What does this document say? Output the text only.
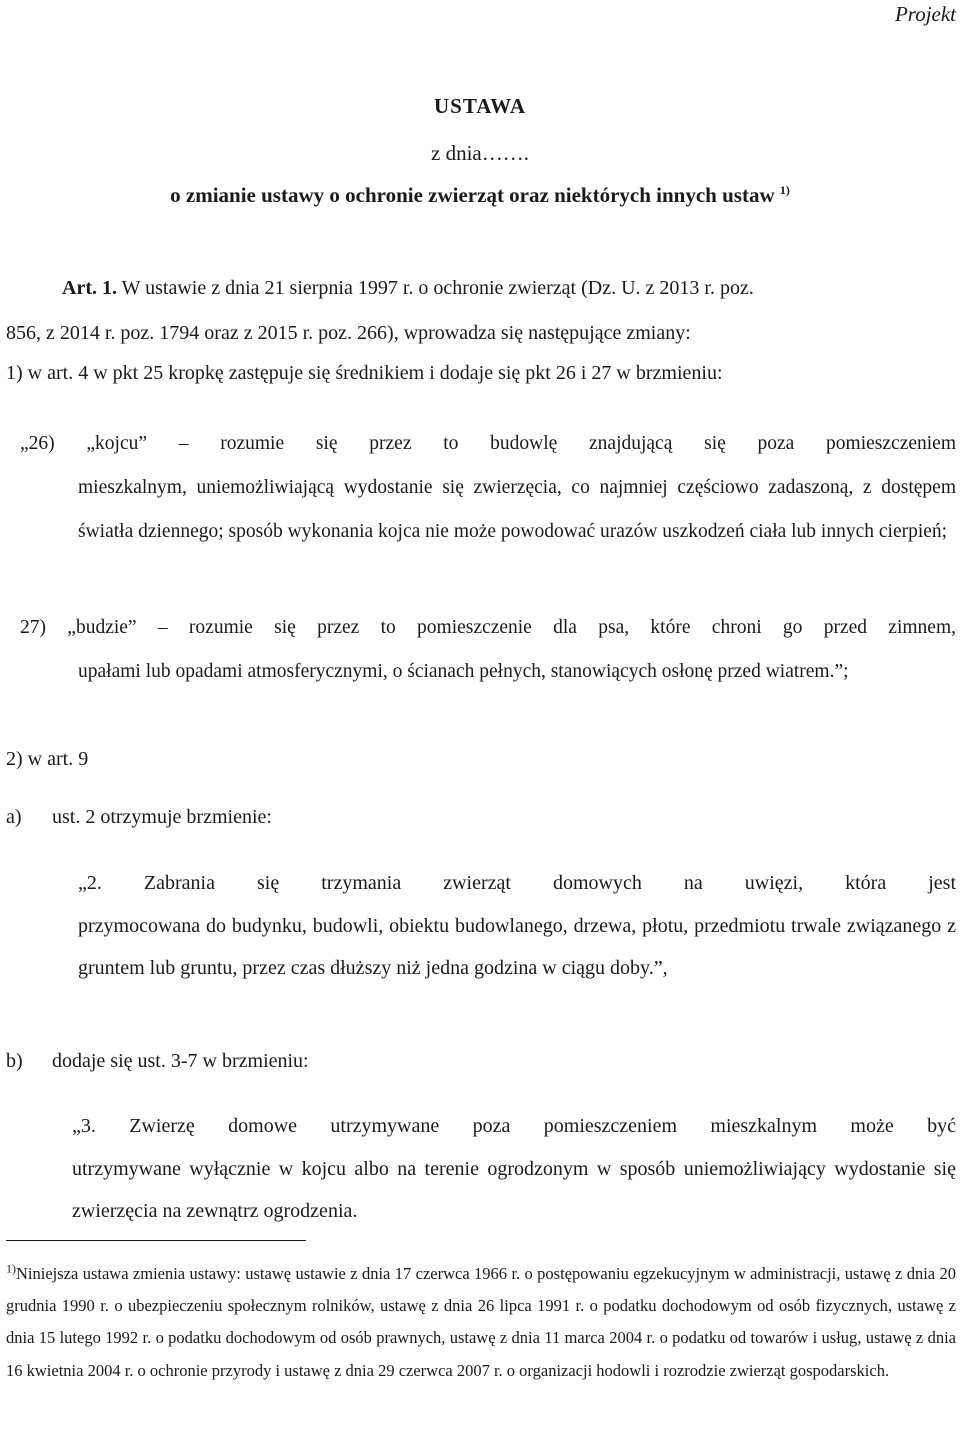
Projekt
USTAWA
z dnia…….
o zmianie ustawy o ochronie zwierząt oraz niektórych innych ustaw $^{1)}$

Art. 1. W ustawie z dnia 21 sierpnia 1997 r. o ochronie zwierząt (Dz. U. z 2013 r. poz.

856, z 2014 r. poz. 1794 oraz z 2015 r. poz. 266), wprowadza się następujące zmiany:

1) w art. 4 w pkt 25 kropkę zastępuje się średnikiem i dodaje się pkt 26 i 27 w brzmieniu:

„26) „kojcu” – rozumie się przez to budowlę znajdującą się poza pomieszczeniem

mieszkalnym, uniemożliwiającą wydostanie się zwierzęcia, co najmniej częściowo zadaszoną, z dostępem światła dziennego; sposób wykonania kojca nie może powodować urazów uszkodzeń ciała lub innych cierpień;

27) „budzie” – rozumie się przez to pomieszczenie dla psa, które chroni go przed zimnem,

upałami lub opadami atmosferycznymi, o ścianach pełnych, stanowiących osłonę przed wiatrem.”;

2) w art. 9

a) ust. 2 otrzymuje brzmienie:

„2. Zabrania się trzymania zwierząt domowych na uwięzi, która jest

przymocowana do budynku, budowli, obiektu budowlanego, drzewa, płotu, przedmiotu trwale związanego z gruntem lub gruntu, przez czas dłuższy niż jedna godzina w ciągu doby.”,

b) dodaje się ust. 3-7 w brzmieniu:

„3. Zwierzę domowe utrzymywane poza pomieszczeniem mieszkalnym może być

utrzymywane wyłącznie w kojcu albo na terenie ogrodzonym w sposób uniemożliwiający wydostanie się zwierzęcia na zewnątrz ogrodzenia.

$^{1)}$Niniejsza ustawa zmienia ustawy: ustawę ustawie z dnia 17 czerwca 1966 r. o postępowaniu egzekucyjnym w administracji, ustawę z dnia 20 grudnia 1990 r. o ubezpieczeniu społecznym rolników, ustawę z dnia 26 lipca 1991 r. o podatku dochodowym od osób fizycznych, ustawę z dnia 15 lutego 1992 r. o podatku dochodowym od osób prawnych, ustawę z dnia 11 marca 2004 r. o podatku od towarów i usług, ustawę z dnia 16 kwietnia 2004 r. o ochronie przyrody i ustawę z dnia 29 czerwca 2007 r. o organizacji hodowli i rozrodzie zwierząt gospodarskich.
